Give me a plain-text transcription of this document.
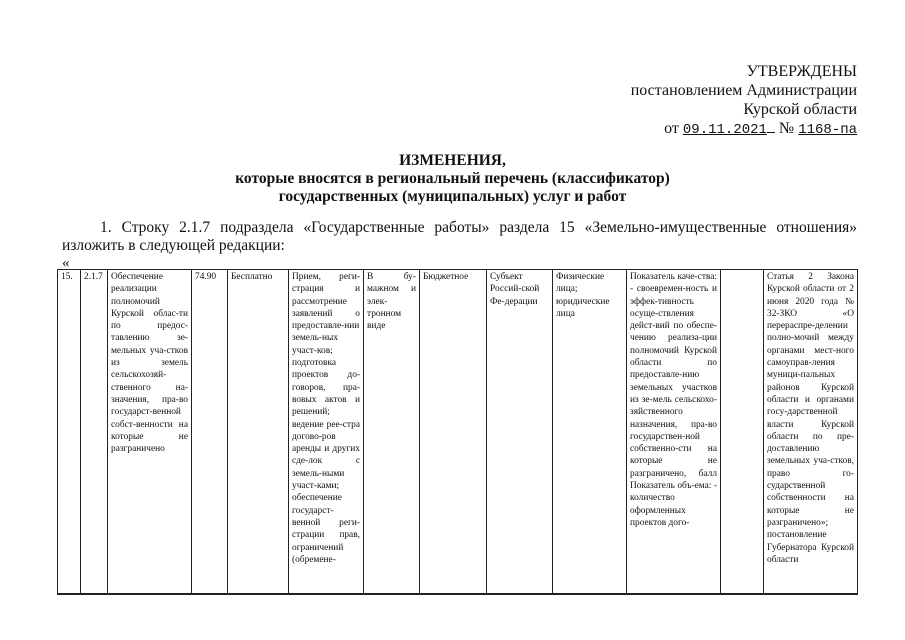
УТВЕРЖДЕНЫ
постановлением Администрации
Курской области
от 09.11.2021 № 1168-па
ИЗМЕНЕНИЯ,
которые вносятся в региональный перечень (классификатор)
государственных (муниципальных) услуг и работ
1. Строку 2.1.7 подраздела «Государственные работы» раздела 15 «Земельно-имущественные отношения»
изложить в следующей редакции:
«
15.	2.1.7	Обеспечение реализации полномочий Курской облас-ти по предос-тавлению зе-мельных уча-стков из земель сельскохозяй-ственного на-значения, пра-во государст-венной собст-венности на которые не разграничено	74.90	Бесплатно	Прием, реги-страция и рассмотрение заявлений о предоставле-нии земель-ных участ-ков; подготовка проектов до-говоров, пра-вовых актов и решений; ведение рее-стра догово-ров аренды и других сде-лок с земель-ными участ-ками; обеспечение государст-венной реги-страции прав, ограничений (обремене-	В бу-мажном и элек-тронном виде	Бюджетное	Субъект Россий-ской Фе-дерации	Физические лица; юридические лица	Показатель каче-ства: - своевремен-ность и эффек-тивность осуще-ствления дейст-вий по обеспе-чению реализа-ции полномочий Курской области по предоставле-нию земельных участков из зе-мель сельскохо-зяйственного назначения, пра-во государствен-ной собственно-сти на которые не разграничено, балл Показатель объ-ема: - количество оформленных проектов дого-		Статья 2 Закона Курской области от 2 июня 2020 года № 32-ЗКО «О перераспре-делении полно-мочий между органами мест-ного самоуправ-ления муници-пальных районов Курской области и органами госу-дарственной власти Курской области по пре-доставлению земельных уча-стков, право го-сударственной собственности на которые не разграничено»; постановление Губернатора Курской области
